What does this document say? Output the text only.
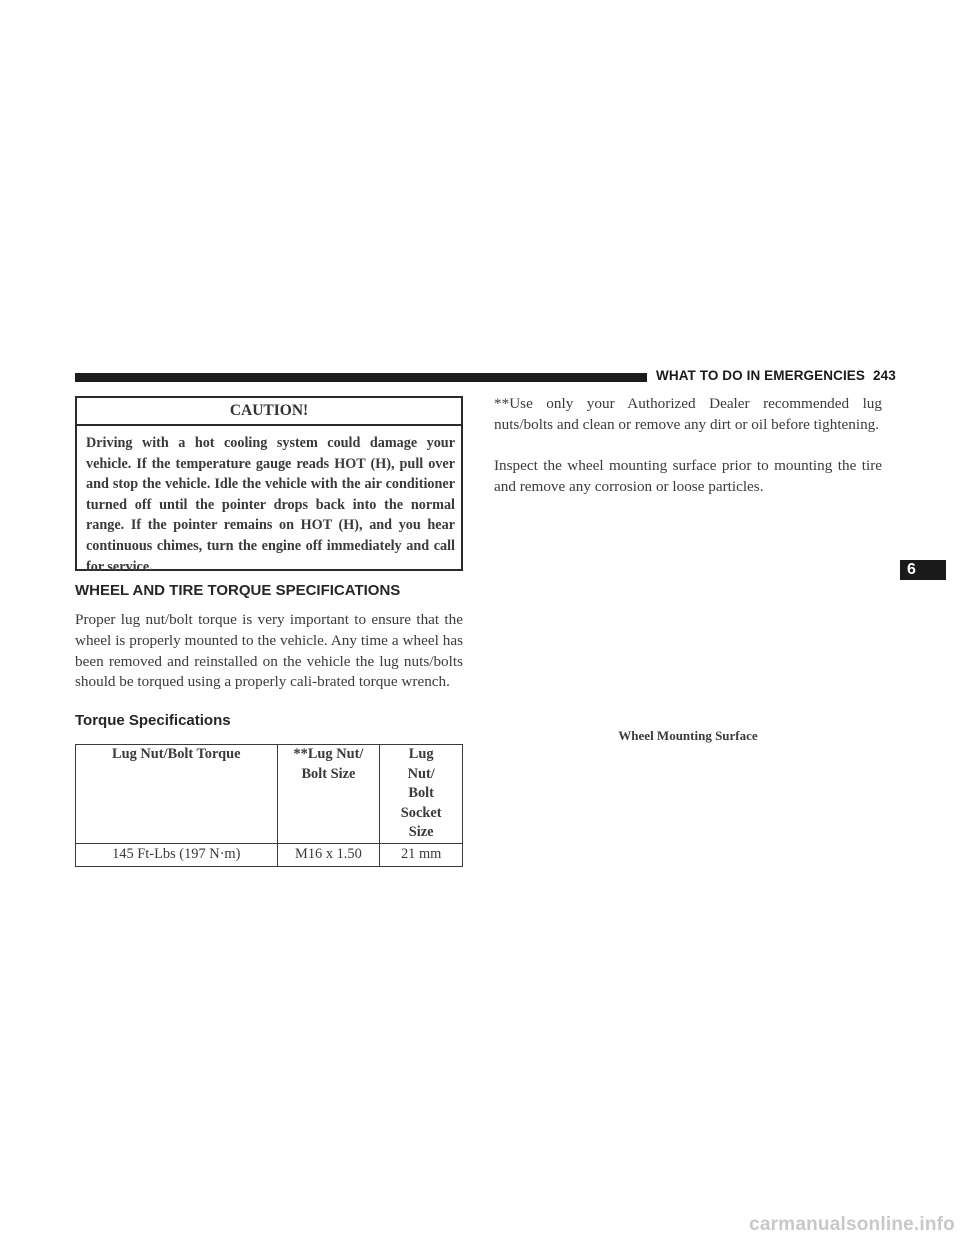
WHAT TO DO IN EMERGENCIES 243
6
CAUTION!
Driving with a hot cooling system could damage your vehicle. If the temperature gauge reads HOT (H), pull over and stop the vehicle. Idle the vehicle with the air conditioner turned off until the pointer drops back into the normal range. If the pointer remains on HOT (H), and you hear continuous chimes, turn the engine off immediately and call for service.
WHEEL AND TIRE TORQUE SPECIFICATIONS
Proper lug nut/bolt torque is very important to ensure that the wheel is properly mounted to the vehicle. Any time a wheel has been removed and reinstalled on the vehicle the lug nuts/bolts should be torqued using a properly cali-brated torque wrench.
Torque Specifications
Lug Nut/Bolt Torque	**Lug Nut/ Bolt Size	Lug Nut/ Bolt Socket Size

145 Ft-Lbs (197 N·m)	M16 x 1.50	21 mm
**Use only your Authorized Dealer recommended lug nuts/bolts and clean or remove any dirt or oil before tightening.
Inspect the wheel mounting surface prior to mounting the tire and remove any corrosion or loose particles.
Wheel Mounting Surface
carmanualsonline.info
